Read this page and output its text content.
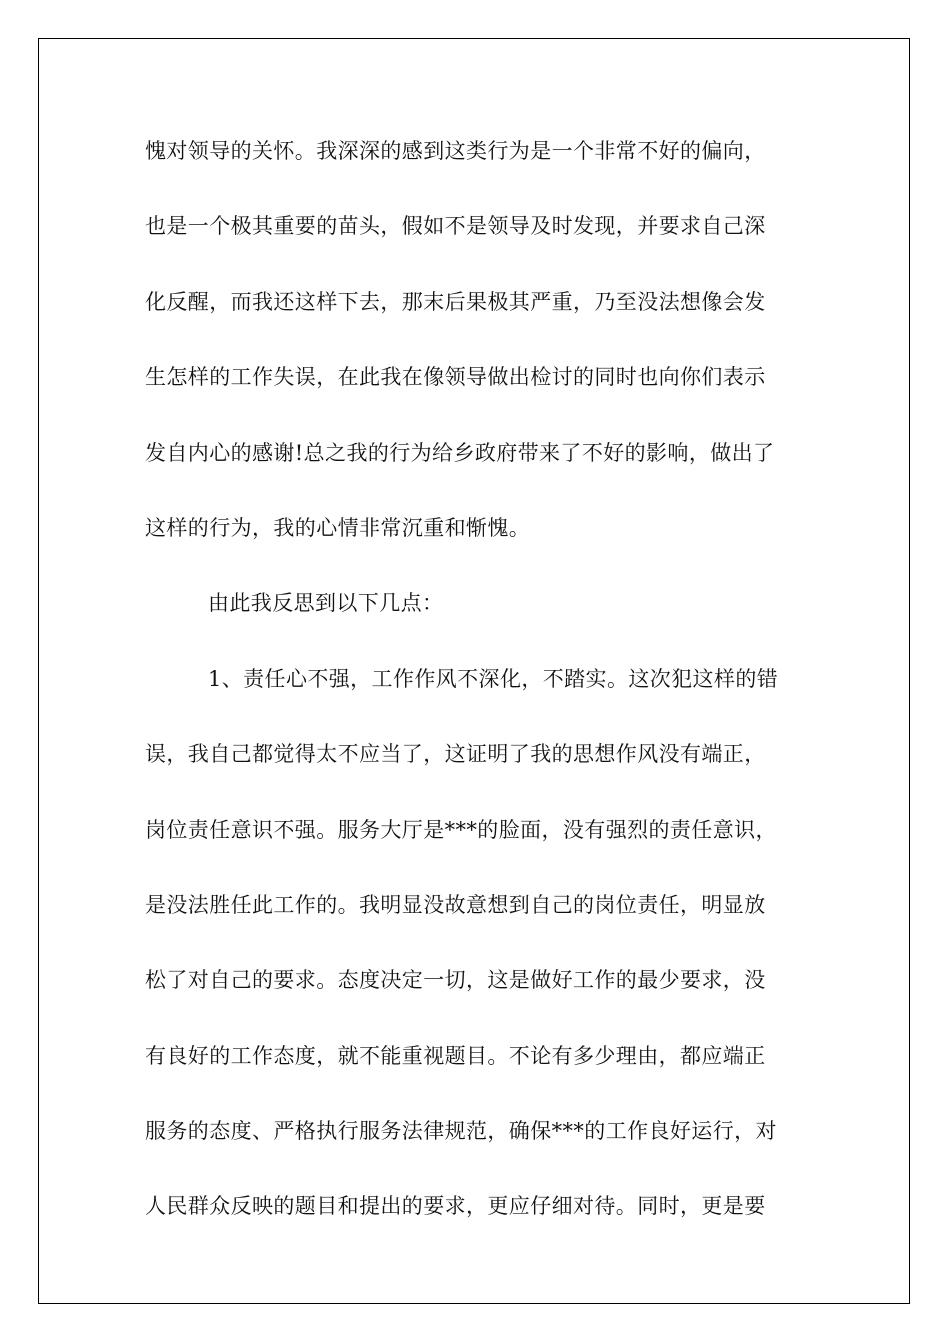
愧对领导的关怀。我深深的感到这类行为是一个非常不好的偏向，
也是一个极其重要的苗头，假如不是领导及时发现，并要求自己深
化反醒，而我还这样下去，那末后果极其严重，乃至没法想像会发
生怎样的工作失误，在此我在像领导做出检讨的同时也向你们表示
发自内心的感谢!总之我的行为给乡政府带来了不好的影响，做出了
这样的行为，我的心情非常沉重和惭愧。
由此我反思到以下几点：
1、责任心不强，工作作风不深化，不踏实。这次犯这样的错
误，我自己都觉得太不应当了，这证明了我的思想作风没有端正，
岗位责任意识不强。服务大厅是***的脸面，没有强烈的责任意识，
是没法胜任此工作的。我明显没故意想到自己的岗位责任，明显放
松了对自己的要求。态度决定一切，这是做好工作的最少要求，没
有良好的工作态度，就不能重视题目。不论有多少理由，都应端正
服务的态度、严格执行服务法律规范，确保***的工作良好运行，对
人民群众反映的题目和提出的要求，更应仔细对待。同时，更是要
